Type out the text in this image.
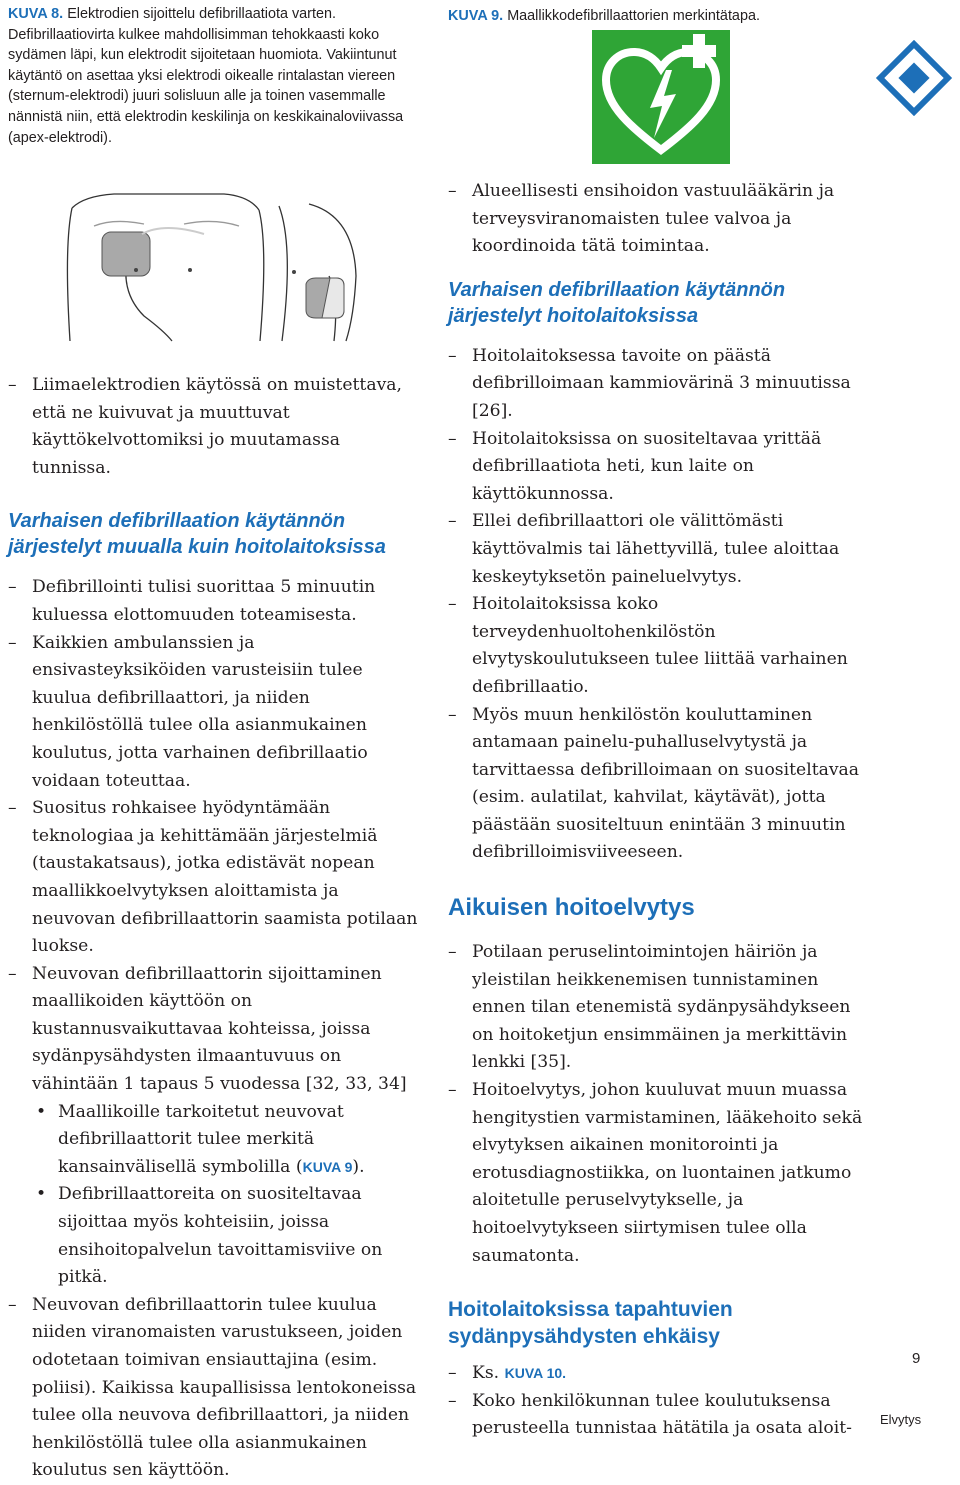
KUVA 8. Elektrodien sijoittelu defibrillaatiota varten. Defibrillaatiovirta kulkee mahdollisimman tehokkaasti koko sydämen läpi, kun elektrodit sijoitetaan huomiota. Vakiintunut käytäntö on asettaa yksi elektrodi oikealle rintalastan viereen (sternum-elektrodi) juuri solisluun alle ja toinen vasemmalle nännistä niin, että elektrodin keskilinja on keskikainaloviivassa (apex-elektrodi).

– Liimaelektrodien käytössä on muistettava, että ne kuivuvat ja muuttuvat käyttökelvottomiksi jo muutamassa tunnissa.
Varhaisen defibrillaation käytännön järjestelyt muualla kuin hoitolaitoksissa
– Defibrillointi tulisi suorittaa 5 minuutin kuluessa elottomuuden toteamisesta.
– Kaikkien ambulanssien ja ensivasteyksiköiden varusteisiin tulee kuulua defibrillaattori, ja niiden henkilöstöllä tulee olla asianmukainen koulutus, jotta varhainen defibrillaatio voidaan toteuttaa.
– Suositus rohkaisee hyödyntämään teknologiaa ja kehittämään järjestelmiä (taustakatsaus), jotka edistävät nopean maallikkoelvytyksen aloittamista ja neuvovan defibrillaattorin saamista potilaan luokse.
– Neuvovan defibrillaattorin sijoittaminen maallikoiden käyttöön on kustannusvaikuttavaa kohteissa, joissa sydänpysähdysten ilmaantuvuus on vähintään 1 tapaus 5 vuodessa [32, 33, 34]
• Maallikoille tarkoitetut neuvovat defibrillaattorit tulee merkitä kansainvälisellä symbolilla (KUVA 9).
• Defibrillaattoreita on suositeltavaa sijoittaa myös kohteisiin, joissa ensihoitopalvelun tavoittamisviive on pitkä.
– Neuvovan defibrillaattorin tulee kuulua niiden viranomaisten varustukseen, joiden odotetaan toimivan ensiauttajina (esim. poliisi). Kaikissa kaupallisissa lentokoneissa tulee olla neuvova defibrillaattori, ja niiden henkilöstöllä tulee olla asianmukainen koulutus sen käyttöön.

KUVA 9. Maallikkodefibrillaattorien merkintätapa.

– Alueellisesti ensihoidon vastuulääkärin ja terveysviranomaisten tulee valvoa ja koordinoida tätä toimintaa.
Varhaisen defibrillaation käytännön järjestelyt hoitolaitoksissa
– Hoitolaitoksessa tavoite on päästä defibrilloimaan kammiovärinä 3 minuutissa [26].
– Hoitolaitoksissa on suositeltavaa yrittää defibrillaatiota heti, kun laite on käyttökunnossa.
– Ellei defibrillaattori ole välittömästi käyttövalmis tai lähettyvillä, tulee aloittaa keskeytyksetön paineluelvytys.
– Hoitolaitoksissa koko terveydenhuoltohenkilöstön elvytyskoulutukseen tulee liittää varhainen defibrillaatio.
– Myös muun henkilöstön kouluttaminen antamaan painelu-puhalluselvytystä ja tarvittaessa defibrilloimaan on suositeltavaa (esim. aulatilat, kahvilat, käytävät), jotta päästään suositeltuun enintään 3 minuutin defibrilloimisviiveeseen.
Aikuisen hoitoelvytys
– Potilaan peruselintoimintojen häiriön ja yleistilan heikkenemisen tunnistaminen ennen tilan etenemistä sydänpysähdykseen on hoitoketjun ensimmäinen ja merkittävin lenkki [35].
– Hoitoelvytys, johon kuuluvat muun muassa hengitystien varmistaminen, lääkehoito sekä elvytyksen aikainen monitorointi ja erotusdiagnostiikka, on luontainen jatkumo aloitetulle peruselvytykselle, ja hoitoelvytykseen siirtymisen tulee olla saumatonta.
Hoitolaitoksissa tapahtuvien sydänpysähdysten ehkäisy
– Ks. KUVA 10.
– Koko henkilökunnan tulee koulutuksensa perusteella tunnistaa hätätila ja osata aloit-
9
Elvytys
